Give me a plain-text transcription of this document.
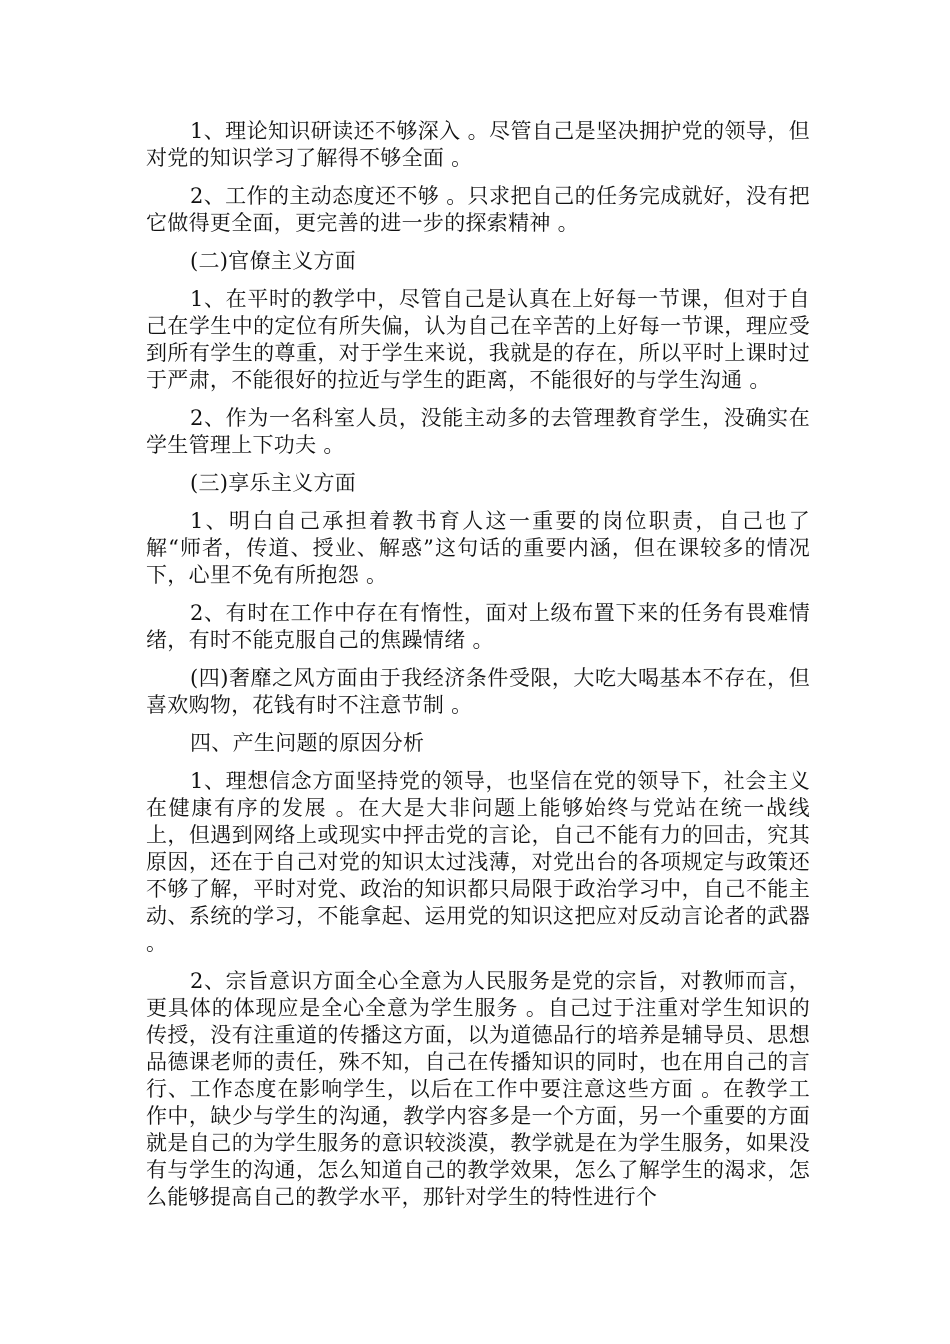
1、理论知识研读还不够深入 。尽管自己是坚决拥护党的领导，但对党的知识学习了解得不够全面 。

2、工作的主动态度还不够 。只求把自己的任务完成就好，没有把它做得更全面，更完善的进一步的探索精神 。

(二)官僚主义方面

1、在平时的教学中，尽管自己是认真在上好每一节课，但对于自己在学生中的定位有所失偏，认为自己在辛苦的上好每一节课，理应受到所有学生的尊重，对于学生来说，我就是的存在，所以平时上课时过于严肃，不能很好的拉近与学生的距离，不能很好的与学生沟通 。

2、作为一名科室人员，没能主动多的去管理教育学生，没确实在学生管理上下功夫 。

(三)享乐主义方面

1、明白自己承担着教书育人这一重要的岗位职责，自己也了解“师者，传道、授业、解惑”这句话的重要内涵，但在课较多的情况下，心里不免有所抱怨 。

2、有时在工作中存在有惰性，面对上级布置下来的任务有畏难情绪，有时不能克服自己的焦躁情绪 。

(四)奢靡之风方面由于我经济条件受限，大吃大喝基本不存在，但喜欢购物，花钱有时不注意节制 。

四、产生问题的原因分析

1、理想信念方面坚持党的领导，也坚信在党的领导下，社会主义在健康有序的发展 。在大是大非问题上能够始终与党站在统一战线上，但遇到网络上或现实中抨击党的言论，自己不能有力的回击，究其原因，还在于自己对党的知识太过浅薄，对党出台的各项规定与政策还不够了解，平时对党、政治的知识都只局限于政治学习中，自己不能主动、系统的学习，不能拿起、运用党的知识这把应对反动言论者的武器 。

2、宗旨意识方面全心全意为人民服务是党的宗旨，对教师而言，更具体的体现应是全心全意为学生服务 。自己过于注重对学生知识的传授，没有注重道的传播这方面，以为道德品行的培养是辅导员、思想品德课老师的责任，殊不知，自己在传播知识的同时，也在用自己的言行、工作态度在影响学生，以后在工作中要注意这些方面 。在教学工作中，缺少与学生的沟通，教学内容多是一个方面，另一个重要的方面就是自己的为学生服务的意识较淡漠，教学就是在为学生服务，如果没有与学生的沟通，怎么知道自己的教学效果，怎么了解学生的渴求，怎么能够提高自己的教学水平，那针对学生的特性进行个
